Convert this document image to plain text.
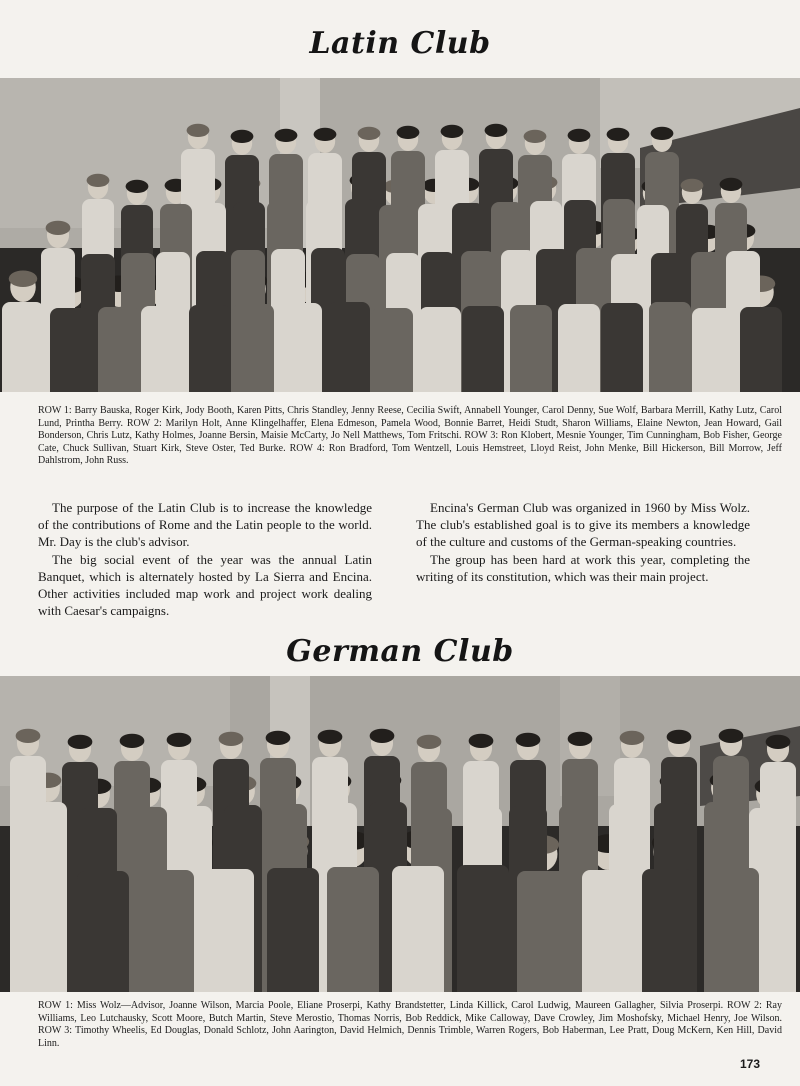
Latin Club
ROW 1: Barry Bauska, Roger Kirk, Jody Booth, Karen Pitts, Chris Standley, Jenny Reese, Cecilia Swift, Annabell Younger, Carol Denny, Sue Wolf, Barbara Merrill, Kathy Lutz, Carol Lund, Printha Berry. ROW 2: Marilyn Holt, Anne Klingelhaffer, Elena Edmeson, Pamela Wood, Bonnie Barret, Heidi Studt, Sharon Williams, Elaine Newton, Jean Howard, Gail Bonderson, Chris Lutz, Kathy Holmes, Joanne Bersin, Maisie McCarty, Jo Nell Matthews, Tom Fritschi. ROW 3: Ron Klobert, Mesnie Younger, Tim Cunningham, Bob Fisher, George Cate, Chuck Sullivan, Stuart Kirk, Steve Oster, Ted Burke. ROW 4: Ron Bradford, Tom Wentzell, Louis Hemstreet, Lloyd Reist, John Menke, Bill Hickerson, Bill Morrow, Jeff Dahlstrom, John Russ.

The purpose of the Latin Club is to increase the knowledge of the contributions of Rome and the Latin people to the world. Mr. Day is the club's advisor.

The big social event of the year was the annual Latin Banquet, which is alternately hosted by La Sierra and Encina. Other activities included map work and project work dealing with Caesar's campaigns.

Encina's German Club was organized in 1960 by Miss Wolz. The club's established goal is to give its members a knowledge of the culture and customs of the German-speaking countries.

The group has been hard at work this year, completing the writing of its constitution, which was their main project.

German Club
ROW 1: Miss Wolz—Advisor, Joanne Wilson, Marcia Poole, Eliane Proserpi, Kathy Brandstetter, Linda Killick, Carol Ludwig, Maureen Gallagher, Silvia Proserpi. ROW 2: Ray Williams, Leo Lutchausky, Scott Moore, Butch Martin, Steve Merostio, Thomas Norris, Bob Reddick, Mike Calloway, Dave Crowley, Jim Moshofsky, Michael Henry, Joe Wilson. ROW 3: Timothy Wheelis, Ed Douglas, Donald Schlotz, John Aarington, David Helmich, Dennis Trimble, Warren Rogers, Bob Haberman, Lee Pratt, Doug McKern, Ken Hill, David Linn.
173
